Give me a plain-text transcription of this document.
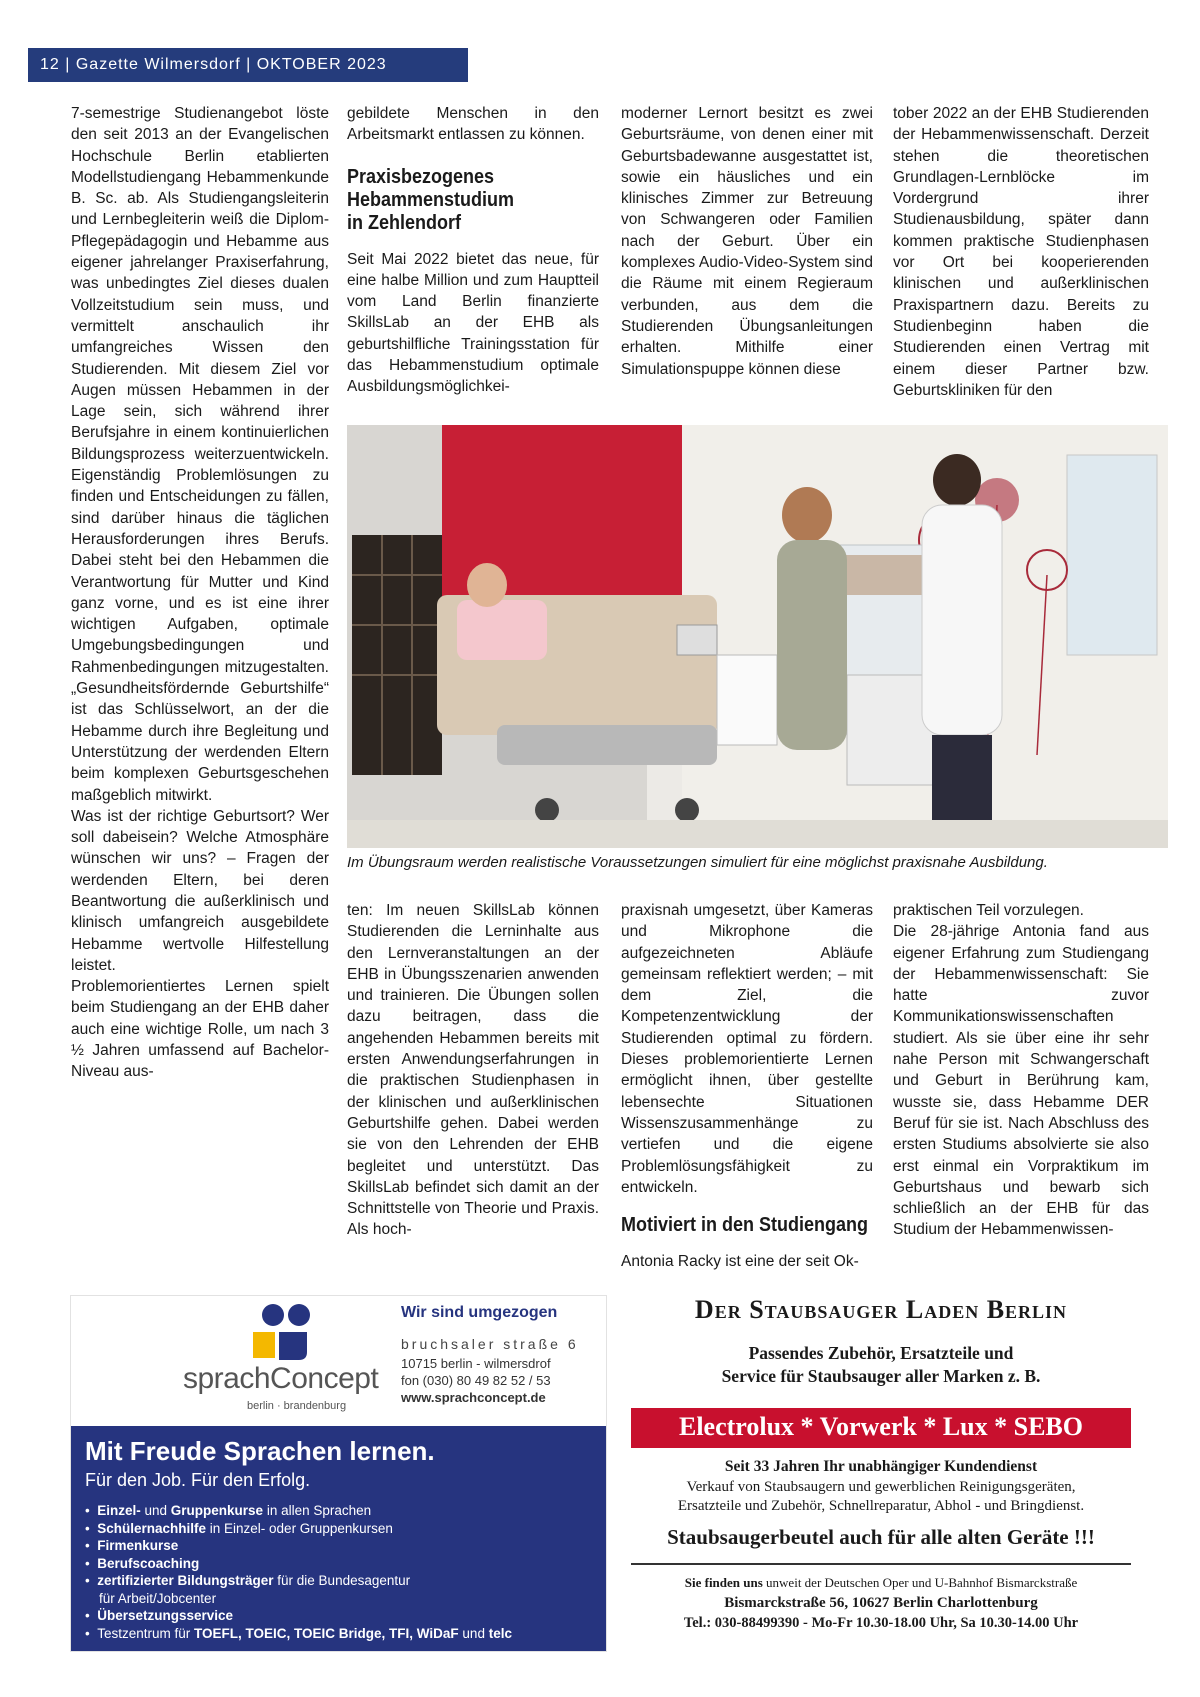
12 | Gazette Wilmersdorf | OKTOBER 2023

7-semestrige Studienangebot löste den seit 2013 an der Evangelischen Hochschule Berlin etablierten Modellstudiengang Hebammenkunde B. Sc. ab. Als Studiengangsleiterin und Lernbegleiterin weiß die Diplom-Pflegepädagogin und Hebamme aus eigener jahrelanger Praxiserfahrung, was unbedingtes Ziel dieses dualen Vollzeitstudium sein muss, und vermittelt anschaulich ihr umfangreiches Wissen den Studierenden. Mit diesem Ziel vor Augen müssen Hebammen in der Lage sein, sich während ihrer Berufsjahre in einem kontinuierlichen Bildungsprozess weiterzuentwickeln. Eigenständig Problemlösungen zu finden und Entscheidungen zu fällen, sind darüber hinaus die täglichen Herausforderungen ihres Berufs. Dabei steht bei den Hebammen die Verantwortung für Mutter und Kind ganz vorne, und es ist eine ihrer wichtigen Aufgaben, optimale Umgebungsbedingungen und Rahmenbedingungen mitzugestalten. „Gesundheitsfördernde Geburtshilfe“ ist das Schlüsselwort, an der die Hebamme durch ihre Begleitung und Unterstützung der werdenden Eltern beim komplexen Geburtsgeschehen maßgeblich mitwirkt.

Was ist der richtige Geburtsort? Wer soll dabeisein? Welche Atmosphäre wünschen wir uns? – Fragen der werdenden Eltern, bei deren Beantwortung die außerklinisch und klinisch umfangreich ausgebildete Hebamme wertvolle Hilfestellung leistet.

Problemorientiertes Lernen spielt beim Studiengang an der EHB daher auch eine wichtige Rolle, um nach 3 ½ Jahren umfassend auf Bachelor-Niveau aus-

gebildete Menschen in den Arbeitsmarkt entlassen zu können.

Praxisbezogenes Hebammenstudium in Zehlendorf

Seit Mai 2022 bietet das neue, für eine halbe Million und zum Hauptteil vom Land Berlin finanzierte SkillsLab an der EHB als geburtshilfliche Trainingsstation für das Hebammenstudium optimale Ausbildungsmöglichkei-

moderner Lernort besitzt es zwei Geburtsräume, von denen einer mit Geburtsbadewanne ausgestattet ist, sowie ein häusliches und ein klinisches Zimmer zur Betreuung von Schwangeren oder Familien nach der Geburt. Über ein komplexes Audio-Video-System sind die Räume mit einem Regieraum verbunden, aus dem die Studierenden Übungsanleitungen erhalten. Mithilfe einer Simulationspuppe können diese

tober 2022 an der EHB Studierenden der Hebammenwissenschaft. Derzeit stehen die theoretischen Grundlagen-Lernblöcke im Vordergrund ihrer Studienausbildung, später dann kommen praktische Studienphasen vor Ort bei kooperierenden klinischen und außerklinischen Praxispartnern dazu. Bereits zu Studienbeginn haben die Studierenden einen Vertrag mit einem dieser Partner bzw. Geburtskliniken für den

Im Übungsraum werden realistische Voraussetzungen simuliert für eine möglichst praxisnahe Ausbildung.

ten: Im neuen SkillsLab können Studierenden die Lerninhalte aus den Lernveranstaltungen an der EHB in Übungsszenarien anwenden und trainieren. Die Übungen sollen dazu beitragen, dass die angehenden Hebammen bereits mit ersten Anwendungserfahrungen in die praktischen Studienphasen in der klinischen und außerklinischen Geburtshilfe gehen. Dabei werden sie von den Lehrenden der EHB begleitet und unterstützt. Das SkillsLab befindet sich damit an der Schnittstelle von Theorie und Praxis. Als hoch-

praxisnah umgesetzt, über Kameras und Mikrophone die aufgezeichneten Abläufe gemeinsam reflektiert werden; – mit dem Ziel, die Kompetenzentwicklung der Studierenden optimal zu fördern. Dieses problemorientierte Lernen ermöglicht ihnen, über gestellte lebensechte Situationen Wissenszusammenhänge zu vertiefen und die eigene Problemlösungsfähigkeit zu entwickeln.

Motiviert in den Studiengang

Antonia Racky ist eine der seit Ok-

praktischen Teil vorzulegen.

Die 28-jährige Antonia fand aus eigener Erfahrung zum Studiengang der Hebammenwissenschaft: Sie hatte zuvor Kommunikationswissenschaften studiert. Als sie über eine ihr sehr nahe Person mit Schwangerschaft und Geburt in Berührung kam, wusste sie, dass Hebamme DER Beruf für sie ist. Nach Abschluss des ersten Studiums absolvierte sie also erst einmal ein Vorpraktikum im Geburtshaus und bewarb sich schließlich an der EHB für das Studium der Hebammenwissen-

sprachConcept
berlin · brandenburg
Wir sind umgezogen
bruchsaler straße 6
10715 berlin - wilmersdrof
fon (030) 80 49 82 52 / 53
www.sprachconcept.de
Mit Freude Sprachen lernen.
Für den Job. Für den Erfolg.
•  Einzel- und Gruppenkurse in allen Sprachen
•  Schülernachhilfe in Einzel- oder Gruppenkursen
•  Firmenkurse
•  Berufscoaching
•  zertifizierter Bildungsträger für die Bundesagentur
für Arbeit/Jobcenter
•  Übersetzungsservice
•  Testzentrum für TOEFL, TOEIC, TOEIC Bridge, TFI, WiDaF und telc
Der Staubsauger Laden Berlin
Passendes Zubehör, Ersatzteile und
Service für Staubsauger aller Marken z. B.
Electrolux * Vorwerk * Lux * SEBO
Seit 33 Jahren Ihr unabhängiger Kundendienst
Verkauf von Staubsaugern und gewerblichen Reinigungsgeräten,
Ersatzteile und Zubehör, Schnellreparatur, Abhol - und Bringdienst.
Staubsaugerbeutel auch für alle alten Geräte !!!
Sie finden uns unweit der Deutschen Oper und U-Bahnhof Bismarckstraße
Bismarckstraße 56, 10627 Berlin Charlottenburg
Tel.: 030-88499390 - Mo-Fr 10.30-18.00 Uhr, Sa 10.30-14.00 Uhr
